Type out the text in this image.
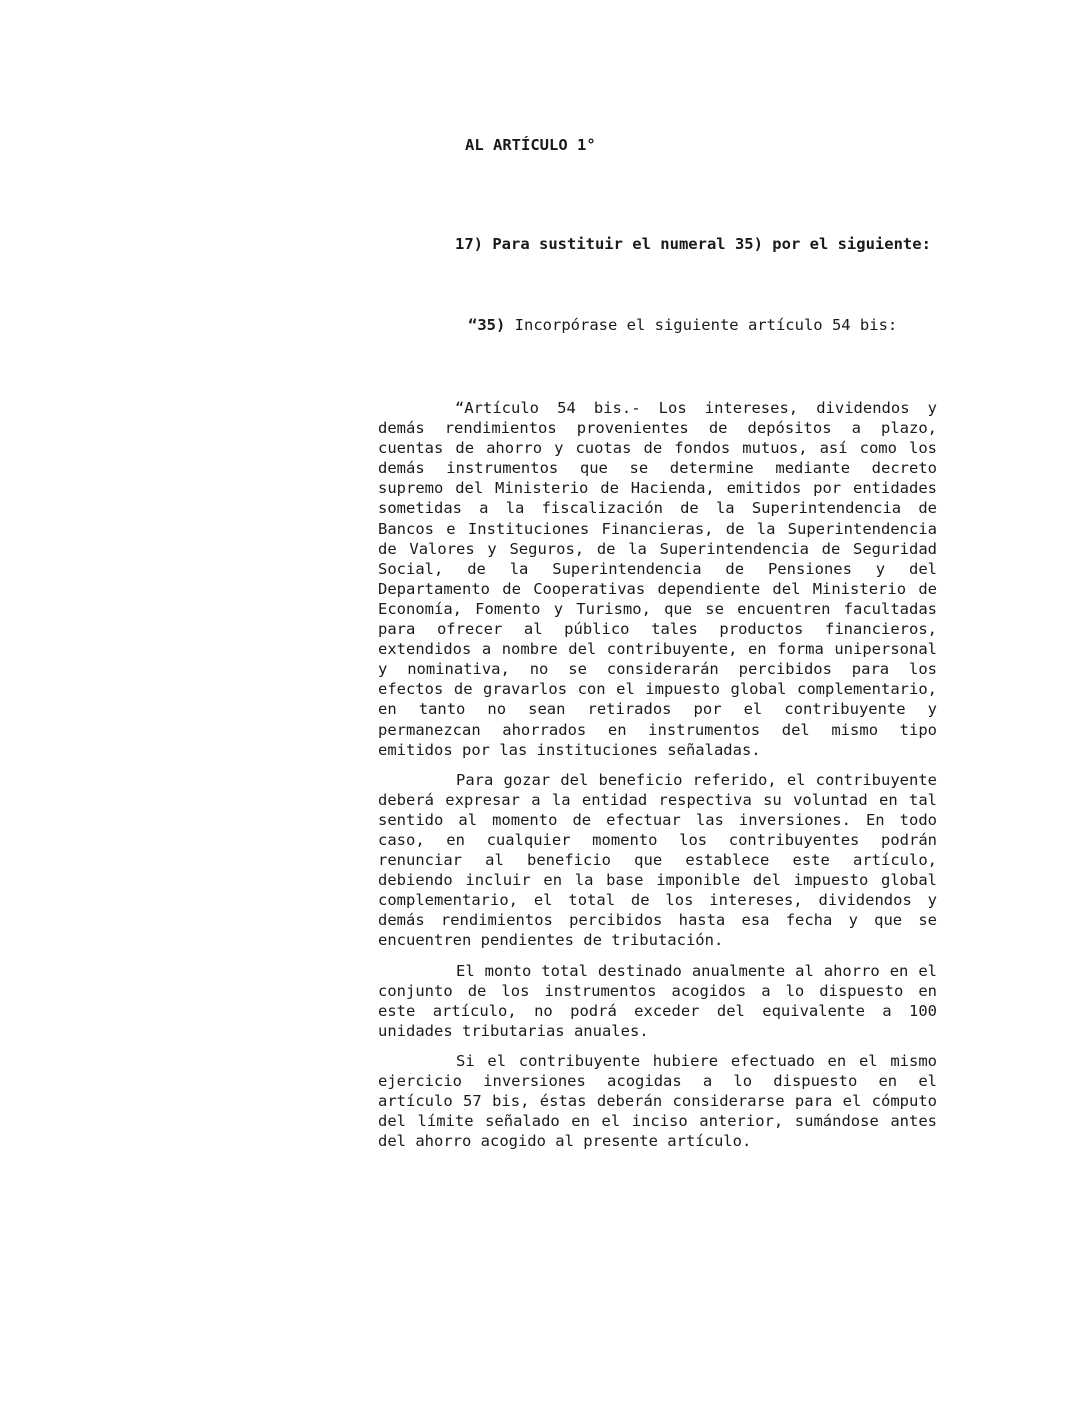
AL ARTÍCULO 1°
17) Para sustituir el numeral 35) por el siguiente:
“35) Incorpórase el siguiente artículo 54 bis:

“Artículo 54 bis.- Los intereses, dividendos y demás rendimientos provenientes de depósitos a plazo, cuentas de ahorro y cuotas de fondos mutuos, así como los demás instrumentos que se determine mediante decreto supremo del Ministerio de Hacienda, emitidos por entidades sometidas a la fiscalización de la Superintendencia de Bancos e Instituciones Financieras, de la Superintendencia de Valores y Seguros, de la Superintendencia de Seguridad Social, de la Superintendencia de Pensiones y del Departamento de Cooperativas dependiente del Ministerio de Economía, Fomento y Turismo, que se encuentren facultadas para ofrecer al público tales productos financieros, extendidos a nombre del contribuyente, en forma unipersonal y nominativa, no se considerarán percibidos para los efectos de gravarlos con el impuesto global complementario, en tanto no sean retirados por el contribuyente y permanezcan ahorrados en instrumentos del mismo tipo emitidos por las instituciones señaladas.

Para gozar del beneficio referido, el contribuyente deberá expresar a la entidad respectiva su voluntad en tal sentido al momento de efectuar las inversiones. En todo caso, en cualquier momento los contribuyentes podrán renunciar al beneficio que establece este artículo, debiendo incluir en la base imponible del impuesto global complementario, el total de los intereses, dividendos y demás rendimientos percibidos hasta esa fecha y que se encuentren pendientes de tributación.

El monto total destinado anualmente al ahorro en el conjunto de los instrumentos acogidos a lo dispuesto en este artículo, no podrá exceder del equivalente a 100 unidades tributarias anuales.

Si el contribuyente hubiere efectuado en el mismo ejercicio inversiones acogidas a lo dispuesto en el artículo 57 bis, éstas deberán considerarse para el cómputo del límite señalado en el inciso anterior, sumándose antes del ahorro acogido al presente artículo.
